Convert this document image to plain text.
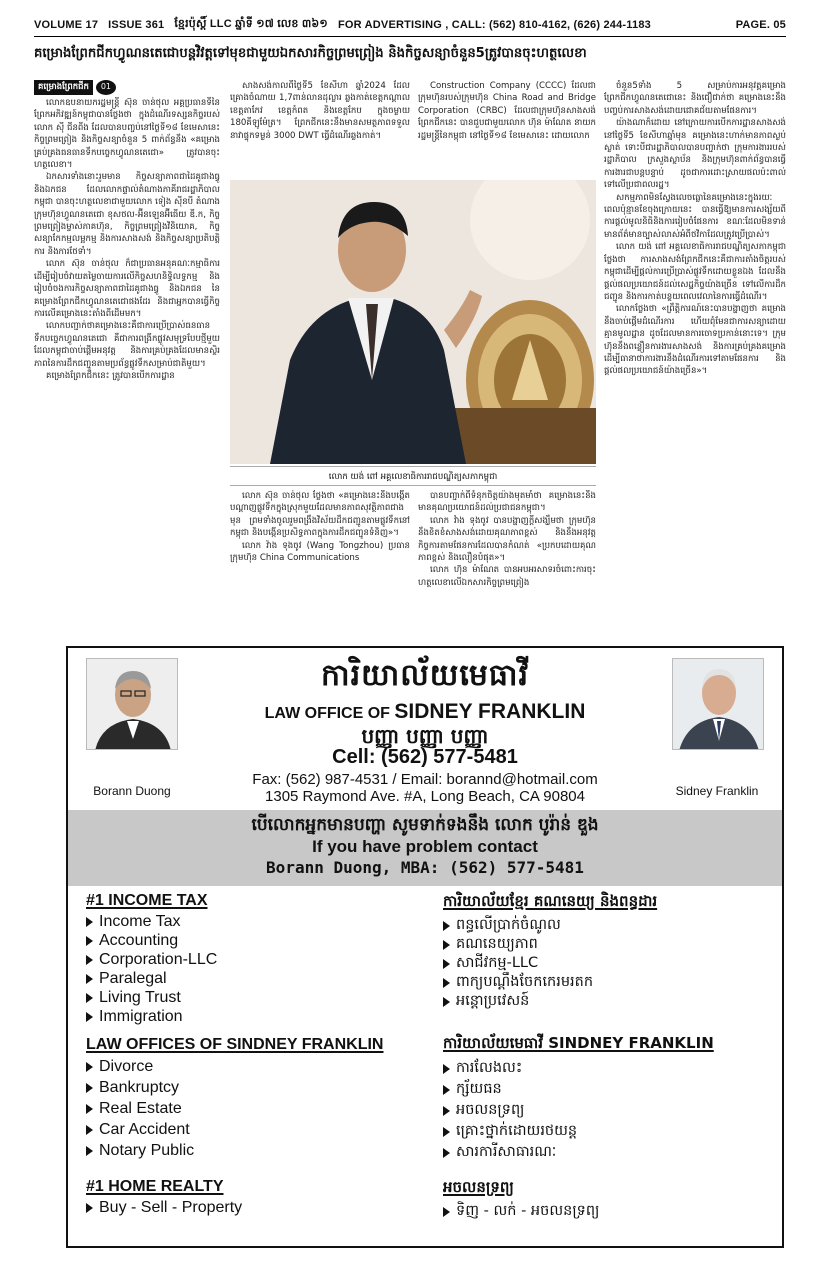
VOLUME 17 ISSUE 361 ខ្មែរប៉ុស្តិ៍ LLC ឆ្នាំទី ១៧ លេខ ៣៦១ FOR ADVERTISING , CALL: (562) 810-4162, (626) 244-1183	PAGE. 05
គម្រោងព្រែកជីកហ្វូណនតេជោបន្តវិវត្តទៅមុខជាមួយឯកសារកិច្ចព្រមព្រៀង និងកិច្ចសន្យាចំនួន5ត្រូវបានចុះហត្ថលេខា
គម្រោងព្រែកជីក	01

លោកឧបនាយករដ្ឋមន្ត្រី ស៊ុន ចាន់ថុល អគ្គប្រធានទីនៃព្រែកអភិវឌ្ឍន៍កម្ពុជាបានថ្លែងថា ក្នុងដំណើរទស្សនកិច្ចរបស់លោក ស៊ី ជីនពីង ដែលបានបញ្ចប់នៅថ្ងៃទី១៨ ខែមេសានេះ កិច្ចព្រមព្រៀង និងកិច្ចសន្យាចំនួន 5 ពាក់ព័ន្ធនឹង «គម្រោងគ្រប់គ្រងធនធានទឹកបច្ចេកហ្វូណនតេជោ» ត្រូវបានចុះហត្ថលេខា។

ឯកសារទាំងនោះរួមមាន កិច្ចសន្យាភាពជាដៃគូជាងធ្វូ និងឯកជន ដែលលោកផ្ទាល់តំណាងភាគីរាជរដ្ឋាភិបាលកម្ពុជា បានចុះហត្ថលេខាជាមួយលោក ទៀង ស៊ីនបី តំណាងក្រុមហ៊ុនហ្វូណនតេជោ ខុសថល-អ៊ីនឡេនអ៊ីធើយ ឌី.ក, កិច្ចព្រមព្រៀងម្ចាស់ភាគហ៊ុន, កិច្ចព្រមព្រៀងវិនិយោគ, កិច្ចសន្យាកែកម្មលម្អកម្ម និងការសាងសង់ និងកិច្ចសន្យាប្រតិបត្តិការ និងការថែទាំ។

លោក ស៊ុន ចាន់ថុល ក៏ជាប្រធានអនុគណៈកម្មាធិការដើម្បីរៀបចំវាយតម្លៃចាយការលើកិច្ចសហនិទ្ធិលទ្ធកម្ម និងរៀបចំចងការកិច្ចសន្យាភាពជាដៃគូជាងធ្វូ និងឯកជន នៃគម្រោងព្រែកជីកហ្វូណនតេជោផងដែរ និងជាអ្នកបានធ្វើកិច្ចការលើគម្រោងនេះតាំងពីដើមមក។

លោកបញ្ជាក់ថាគម្រោងនេះគឺជាការប្រើប្រាស់ធនធានទឹកបច្ចេកហ្វូណនតេជោ គឺជាការពង្រីកផ្លូវសមុទ្របែបថ្មីមួយដែលកម្ពុជាចាប់ផ្តើមអនុវត្ត និងការគ្រប់គ្រងដែលមានស្ថិរភាពនៃការដឹកជញ្ជូនតាមប្រព័ន្ធផ្លូវទឹកសម្រាប់ជាតិមួយ។

គម្រោងព្រែកជីកនេះ ត្រូវបានបើកការដ្ឋាន

សាងសង់កាលពីថ្ងៃទី5 ខែសីហា ឆ្នាំ2024 ដែលគ្រោងចំណាយ 1,7ពាន់លានដុល្លារ ឆ្លងកាត់ខេត្តកណ្តាល ខេត្តតាកែវ ខេត្តកំពត និងខេត្តកែប ក្នុងចម្ងាយ 180គីឡូម៉ែត្រ។ ព្រែកជីកនេះនឹងមានសមត្ថភាពទទួលនាវាផ្ទុកទម្ងន់ 3000 DWT ធ្វើដំណើរឆ្លងកាត់។

Construction Company (CCCC) ដែលជាក្រុមហ៊ុនរបស់ក្រុមហ៊ុន China Road and Bridge Corporation (CRBC) ដែលជាក្រុមហ៊ុនសាងសង់ព្រែកជីកនេះ បានជួបជាមួយលោក ហ៊ុន ម៉ាណែត នាយករដ្ឋមន្ត្រីនៃកម្ពុជា នៅថ្ងៃទី១៨ ខែមេសានេះ ដោយលោក

លោក យង់ ពៅ អគ្គលេខាធិការរាជបណ្ឌិត្យសភាកម្ពុជា

លោក ស៊ុន ចាន់ថុល ថ្លែងថា «គម្រោងនេះនឹងបង្កើតបណ្តាញផ្លូវទឹកក្នុងស្រុកមួយដែលមានភាពសុវត្ថិភាពជាងមុន ព្រមទាំងចូលរួមពង្រឹងវិស័យដឹកជញ្ជូនតាមផ្លូវទឹកនៅកម្ពុជា និងបង្កើនប្រសិទ្ធភាពក្នុងការដឹកជញ្ជូនទំនិញ»។

លោក វ៉ាង ទុងចូវ (Wang Tongzhou) ប្រធានក្រុមហ៊ុន China Communications

បានបញ្ជាក់ពីទំនុកចិត្តយ៉ាងមុតមាំថា គម្រោងនេះនឹងមានគុណប្រយោជន៍ដល់ប្រជាជនកម្ពុជា។

លោក វ៉ាង ទុងចូវ បានបង្ហាញក្តីសង្ឃឹមថា ក្រុមហ៊ុននឹងខិតខំសាងសង់ដោយគុណភាពខ្ពស់ និងនឹងអនុវត្តកិច្ចការតាមផែនការដែលបានកំណត់ «ប្រកបដោយគុណភាពខ្ពស់ និងលឿនបំផុត»។

លោក ហ៊ុន ម៉ាណែត បានអបអរសាទរចំពោះការចុះហត្ថលេខាលើឯកសារកិច្ចព្រមព្រៀង

ចំនួន5ទាំង 5 សម្រាប់ការអនុវត្តគម្រោងព្រែកជីកហ្វូណនតេជោនេះ និងជឿជាក់ថា គម្រោងនេះនឹងបញ្ចប់ការសាងសង់ដោយជោគជ័យតាមផែនការ។

យ៉ាងណាក៏ដោយ នៅក្រោយការបើកការដ្ឋានសាងសង់ នៅថ្ងៃទី5 ខែសីហាឆ្នាំមុន គម្រោងនេះហាក់មានភាពស្ងប់ស្ងាត់ ទោះបីជារដ្ឋាភិបាលបានបញ្ជាក់ថា ក្រុមការងាររបស់រដ្ឋាភិបាល ក្រសួងស្ថាប័ន និងក្រុមហ៊ុនពាក់ព័ន្ធបានធ្វើការងារជាបន្តបន្ទាប់ ដូចជាការដោះស្រាយផលប៉ះពាល់ទៅលើប្រជាពលរដ្ឋ។

សកម្មភាពមិនស្វែងលេចធ្លោនៃគម្រោងនេះក្នុងរយៈពេលប៉ុន្មានខែចុងក្រោយនេះ បានធ្វើឱ្យមានការសង្ស័យពីការផ្តល់មូលនិធិនិងការរៀបចំផែនការ ខណៈដែលមិនទាន់មានព័ត៌មានច្បាស់លាស់អំពីថវិកាដែលត្រូវប្រើប្រាស់។

លោក យង់ ពៅ អគ្គលេខាធិការរាជបណ្ឌិត្យសភាកម្ពុជាថ្លែងថា ការសាងសង់ព្រែកជីកនេះគឺជាការតាំងចិត្តរបស់កម្ពុជាដើម្បីផ្តល់ការប្រើប្រាស់ផ្លូវទឹកដោយខ្លួនឯង ដែលនឹងផ្តល់ផលប្រយោជន៍ដល់សេដ្ឋកិច្ចយ៉ាងច្រើន ទៅលើការដឹកជញ្ជូន និងការកាត់បន្ថយពេលវេលានៃការធ្វើដំណើរ។

លោកថ្លែងថា «ព្រឹត្តិការណ៍នេះបានបង្ហាញថា គម្រោងនឹងចាប់ផ្តើមដំណើរការ ហើយពុំមែនជាការសន្យាដោយគ្មានមូលដ្ឋាន ដូចដែលមានការចោទប្រកាន់នោះទេ។ ក្រុមហ៊ុននឹងពន្លឿនការងារសាងសង់ និងការគ្រប់គ្រងគម្រោង ដើម្បីធានាថាការងារនឹងដំណើរការទៅតាមផែនការ និងផ្តល់ផលប្រយោជន៍យ៉ាងច្រើន»។

Borann Duong	Sidney Franklin
ការិយាល័យមេធាវី
LAW OFFICE OF SIDNEY FRANKLIN
បញ្ញា បញ្ញា បញ្ញា
Cell: (562) 577-5481
Fax: (562) 987-4531 / Email: borannd@hotmail.com
1305 Raymond Ave. #A, Long Beach, CA 90804
បើលោកអ្នកមានបញ្ហា សូមទាក់ទងនឹង លោក បូរ៉ាន់ ឌួង
If you have problem contact
Borann Duong, MBA: (562) 577-5481
#1 INCOME TAX
Income Tax
Accounting
Corporation-LLC
Paralegal
Living Trust
Immigration
LAW OFFICES OF SINDNEY FRANKLIN
Divorce
Bankruptcy
Real Estate
Car Accident
Notary Public
#1 HOME REALTY
Buy - Sell - Property
ការិយាល័យខ្មែរ គណនេយ្យ និងពន្ធដារ
ពន្ធលើប្រាក់ចំណូល
គណនេយ្យភាព
សាជីវកម្ម-LLC
ពាក្យបណ្តឹងចែកកេរមរតក
អន្តោប្រវេសន៍
ការិយាល័យមេធាវី SINDNEY FRANKLIN
ការលែងលះ
ក្ស័យធន
អចលនទ្រព្យ
គ្រោះថ្នាក់ដោយរថយន្ត
សារការីសាធារណៈ
អចលនទ្រព្យ
ទិញ - លក់ - អចលនទ្រព្យ
